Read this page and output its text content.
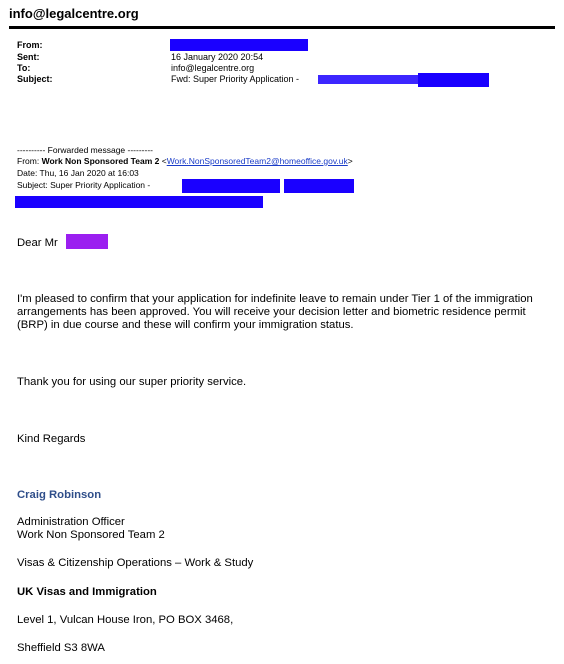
info@legalcentre.org
From:
Sent:	16 January 2020 20:54
To:	info@legalcentre.org
Subject:	Fwd: Super Priority Application -
---------- Forwarded message ---------
From: Work Non Sponsored Team 2 <Work.NonSponsoredTeam2@homeoffice.gov.uk>
Date: Thu, 16 Jan 2020 at 16:03
Subject: Super Priority Application -
Dear Mr
I'm pleased to confirm that your application for indefinite leave to remain under Tier 1 of the immigration arrangements has been approved. You will receive your decision letter and biometric residence permit (BRP) in due course and these will confirm your immigration status.
Thank you for using our super priority service.
Kind Regards
Craig Robinson
Administration Officer
Work Non Sponsored Team 2
Visas & Citizenship Operations – Work & Study
UK Visas and Immigration
Level 1, Vulcan House Iron, PO BOX 3468,
Sheffield S3 8WA
